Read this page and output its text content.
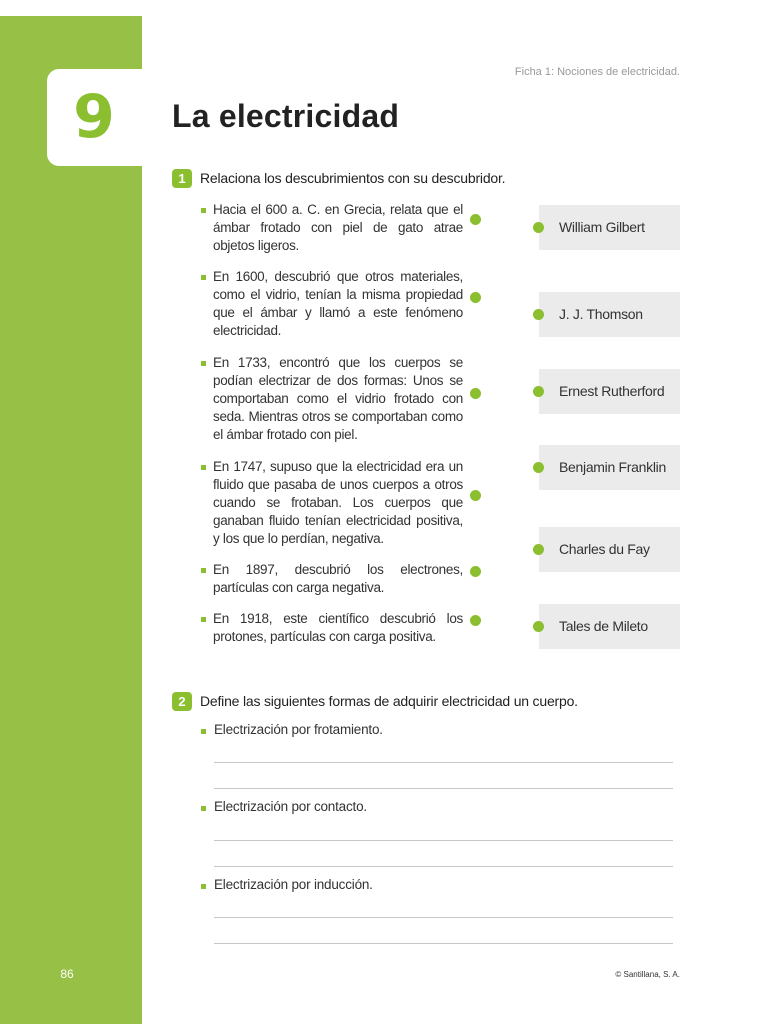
9
86
Ficha 1: Nociones de electricidad.
La electricidad
1	Relaciona los descubrimientos con su descubridor.
Hacia el 600 a. C. en Grecia, relata que el ámbar frotado con piel de gato atrae objetos ligeros.
En 1600, descubrió que otros materiales, como el vidrio, tenían la misma propiedad que el ámbar y llamó a este fenómeno electricidad.
En 1733, encontró que los cuerpos se podían electrizar de dos formas: Unos se comportaban como el vidrio frotado con seda. Mientras otros se comportaban como el ámbar frotado con piel.
En 1747, supuso que la electricidad era un fluido que pasaba de unos cuerpos a otros cuando se frotaban. Los cuerpos que ganaban fluido tenían electricidad positiva, y los que lo perdían, negativa.
En 1897, descubrió los electrones, partículas con carga negativa.
En 1918, este científico descubrió los protones, partículas con carga positiva.
William Gilbert
J. J. Thomson
Ernest Rutherford
Benjamin Franklin
Charles du Fay
Tales de Mileto
2	Define las siguientes formas de adquirir electricidad un cuerpo.
Electrización por frotamiento.
Electrización por contacto.
Electrización por inducción.
© Santillana, S. A.
